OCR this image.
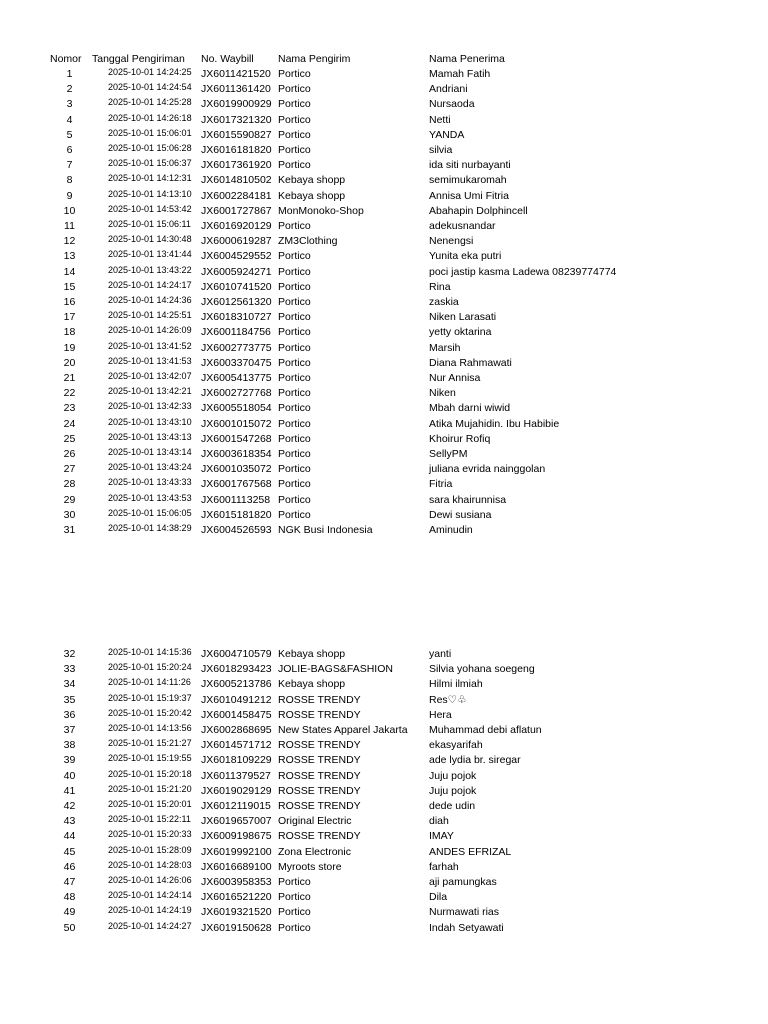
Nomor Tanggal Pengiriman	No. Waybill	Nama Pengirim	Nama Penerima
1	2025-10-01 14:24:25 JX6011421520 Portico	Mamah Fatih
2	2025-10-01 14:24:54 JX6011361420 Portico	Andriani
3	2025-10-01 14:25:28 JX6019900929 Portico	Nursaoda
4	2025-10-01 14:26:18 JX6017321320 Portico	Netti
5	2025-10-01 15:06:01 JX6015590827 Portico	YANDA
6	2025-10-01 15:06:28 JX6016181820 Portico	silvia
7	2025-10-01 15:06:37 JX6017361920 Portico	ida siti nurbayanti
8	2025-10-01 14:12:31 JX6014810502 Kebaya shopp	semimukaromah
9	2025-10-01 14:13:10 JX6002284181 Kebaya shopp	Annisa Umi Fitria
10	2025-10-01 14:53:42 JX6001727867 MonMonoko-Shop	Abahapin Dolphincell
11	2025-10-01 15:06:11 JX6016920129 Portico	adekusnandar
12	2025-10-01 14:30:48 JX6000619287 ZM3Clothing	Nenengsi
13	2025-10-01 13:41:44 JX6004529552 Portico	Yunita eka putri
14	2025-10-01 13:43:22 JX6005924271 Portico	poci jastip kasma Ladewa 08239774774
15	2025-10-01 14:24:17 JX6010741520 Portico	Rina
16	2025-10-01 14:24:36 JX6012561320 Portico	zaskia
17	2025-10-01 14:25:51 JX6018310727 Portico	Niken Larasati
18	2025-10-01 14:26:09 JX6001184756 Portico	yetty oktarina
19	2025-10-01 13:41:52 JX6002773775 Portico	Marsih
20	2025-10-01 13:41:53 JX6003370475 Portico	Diana Rahmawati
21	2025-10-01 13:42:07 JX6005413775 Portico	Nur Annisa
22	2025-10-01 13:42:21 JX6002727768 Portico	Niken
23	2025-10-01 13:42:33 JX6005518054 Portico	Mbah darni wiwid
24	2025-10-01 13:43:10 JX6001015072 Portico	Atika Mujahidin. Ibu Habibie
25	2025-10-01 13:43:13 JX6001547268 Portico	Khoirur Rofiq
26	2025-10-01 13:43:14 JX6003618354 Portico	SellyPM
27	2025-10-01 13:43:24 JX6001035072 Portico	juliana evrida nainggolan
28	2025-10-01 13:43:33 JX6001767568 Portico	Fitria
29	2025-10-01 13:43:53 JX6001113258 Portico	sara khairunnisa
30	2025-10-01 15:06:05 JX6015181820 Portico	Dewi susiana
31	2025-10-01 14:38:29 JX6004526593 NGK Busi Indonesia	Aminudin
32	2025-10-01 14:15:36 JX6004710579 Kebaya shopp	yanti
33	2025-10-01 15:20:24 JX6018293423 JOLIE-BAGS&FASHION	Silvia yohana soegeng
34	2025-10-01 14:11:26 JX6005213786 Kebaya shopp	Hilmi ilmiah
35	2025-10-01 15:19:37 JX6010491212 ROSSE TRENDY	Res♡♧
36	2025-10-01 15:20:42 JX6001458475 ROSSE TRENDY	Hera
37	2025-10-01 14:13:56 JX6002868695 New States Apparel Jakarta	Muhammad debi aflatun
38	2025-10-01 15:21:27 JX6014571712 ROSSE TRENDY	ekasyarifah
39	2025-10-01 15:19:55 JX6018109229 ROSSE TRENDY	ade lydia br. siregar
40	2025-10-01 15:20:18 JX6011379527 ROSSE TRENDY	Juju pojok
41	2025-10-01 15:21:20 JX6019029129 ROSSE TRENDY	Juju pojok
42	2025-10-01 15:20:01 JX6012119015 ROSSE TRENDY	dede udin
43	2025-10-01 15:22:11 JX6019657007 Original Electric	diah
44	2025-10-01 15:20:33 JX6009198675 ROSSE TRENDY	IMAY
45	2025-10-01 15:28:09 JX6019992100 Zona Electronic	ANDES EFRIZAL
46	2025-10-01 14:28:03 JX6016689100 Myroots store	farhah
47	2025-10-01 14:26:06 JX6003958353 Portico	aji pamungkas
48	2025-10-01 14:24:14 JX6016521220 Portico	Dila
49	2025-10-01 14:24:19 JX6019321520 Portico	Nurmawati rias
50	2025-10-01 14:24:27 JX6019150628 Portico	Indah Setyawati
